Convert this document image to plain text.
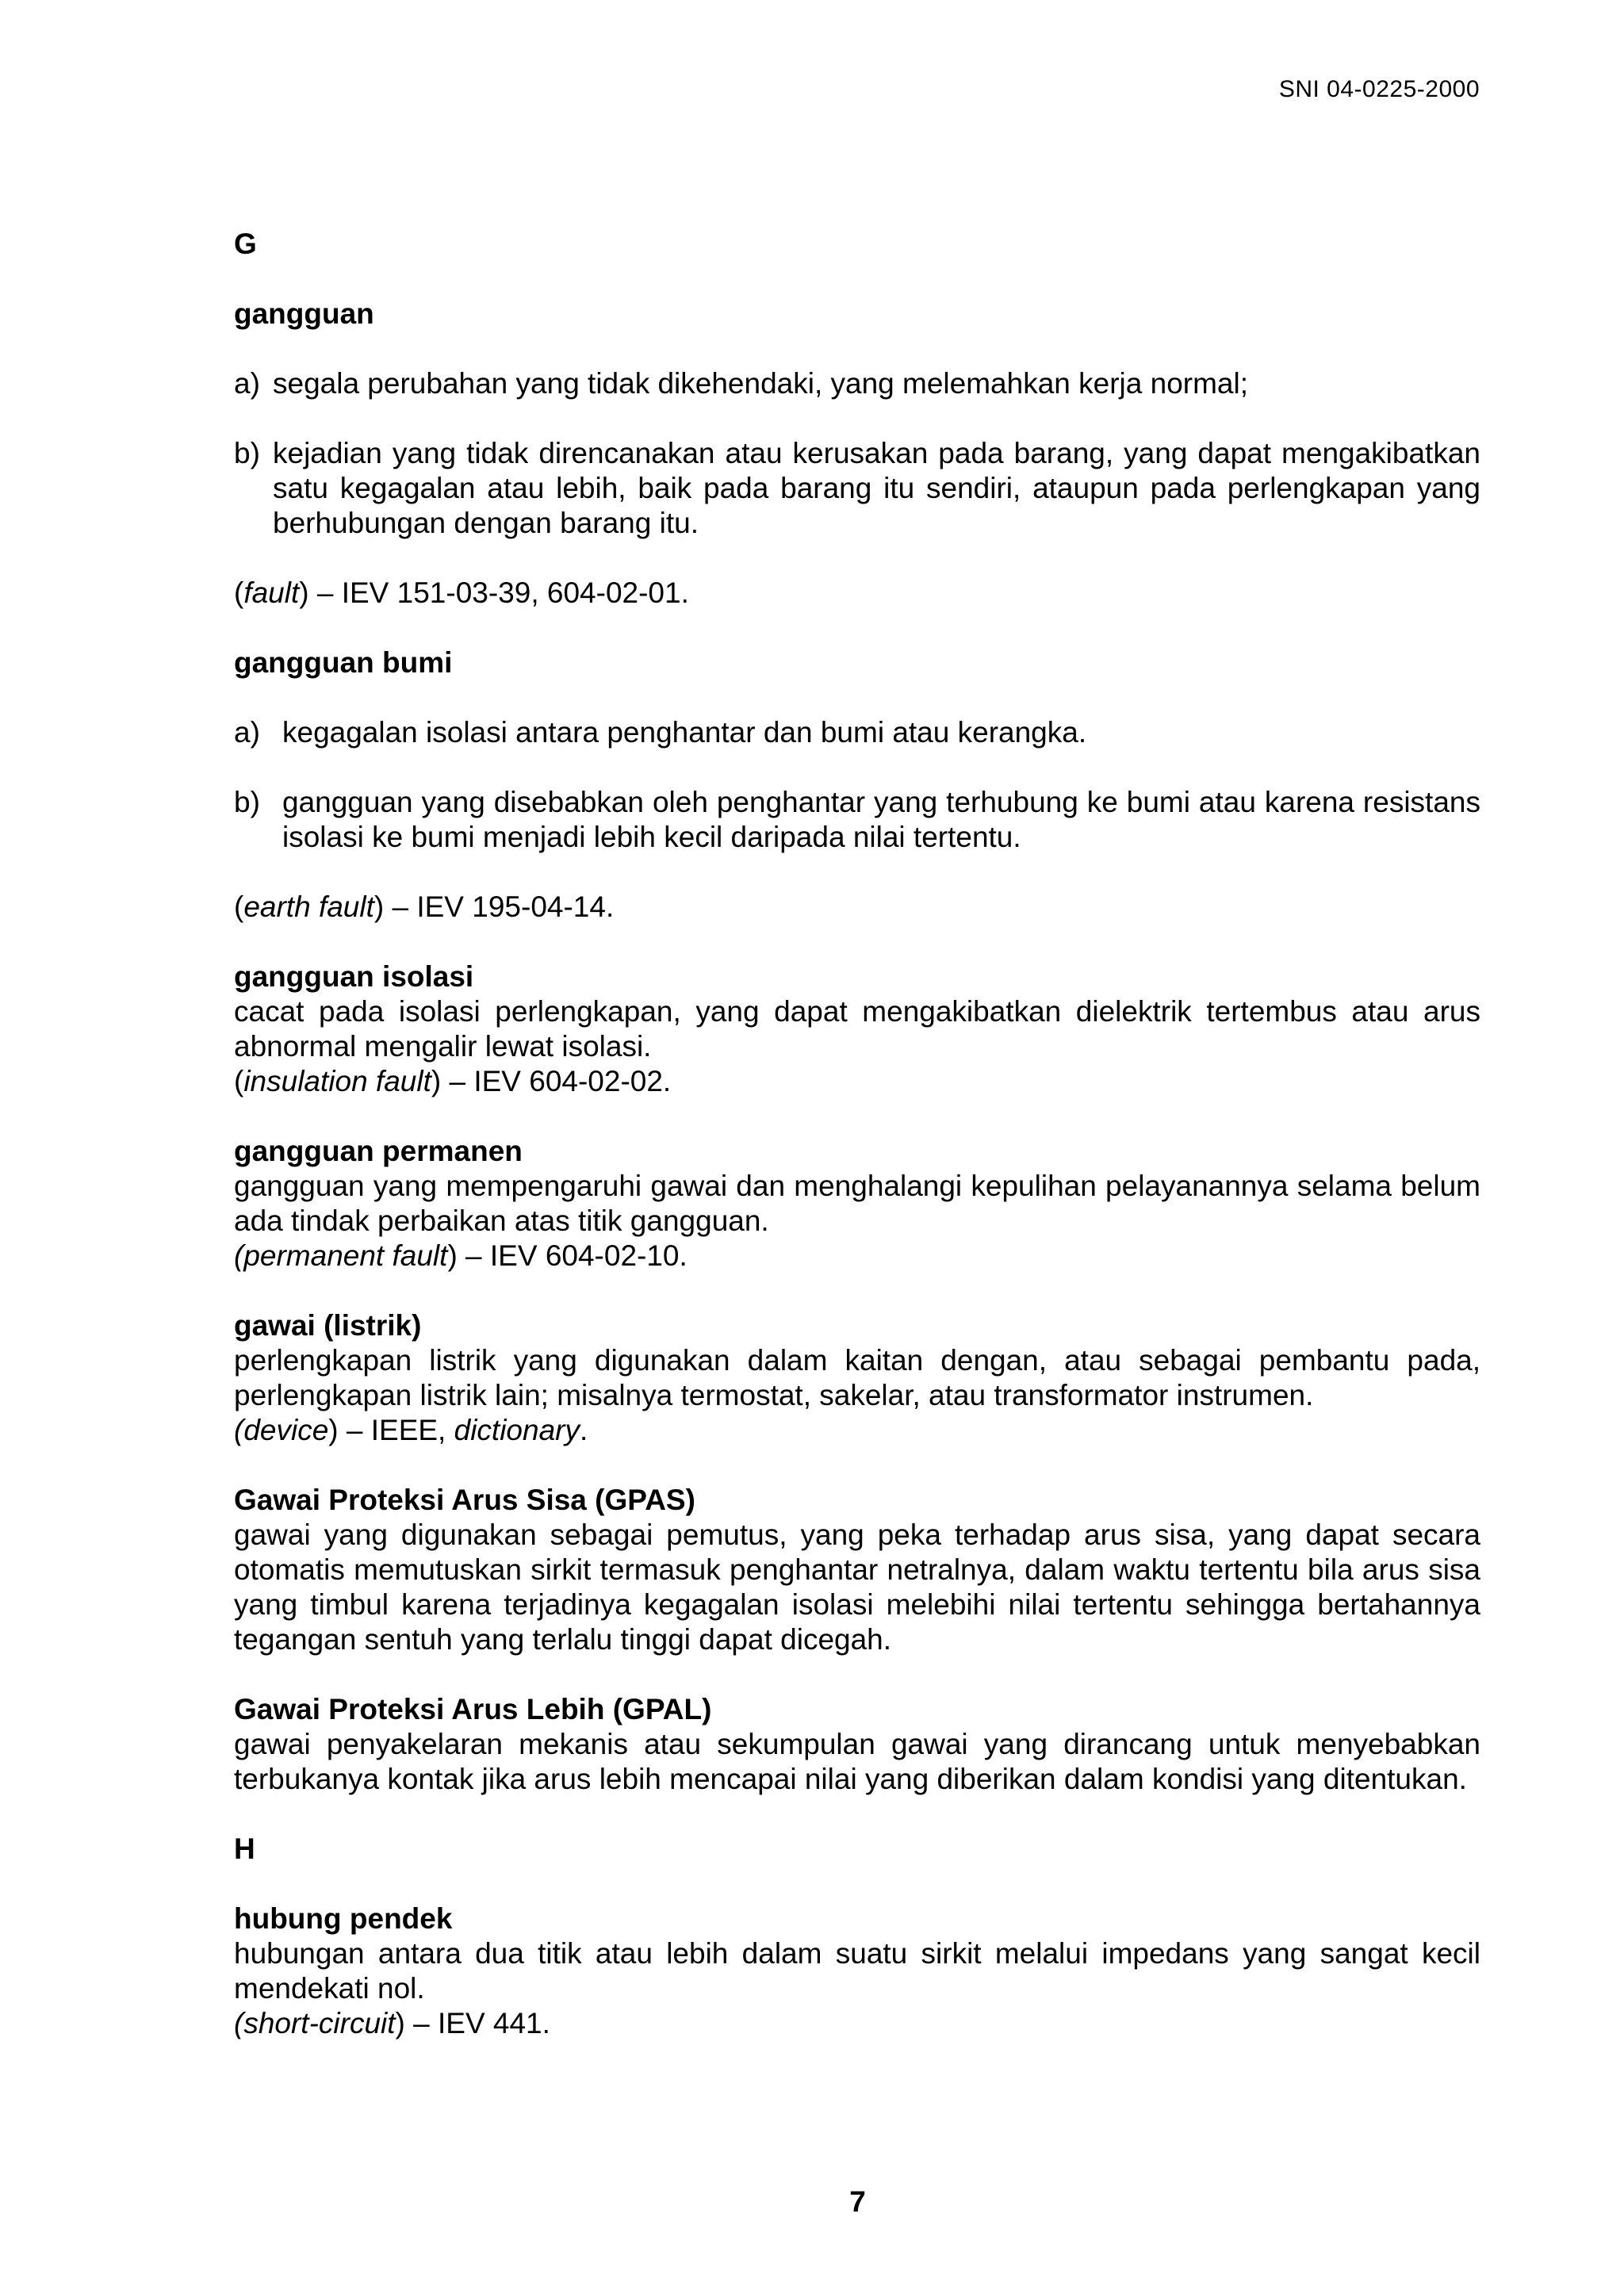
SNI 04-0225-2000

G

gangguan

a) segala perubahan yang tidak dikehendaki, yang melemahkan kerja normal;
b) kejadian yang tidak direncanakan atau kerusakan pada barang, yang dapat mengakibatkan satu kegagalan atau lebih, baik pada barang itu sendiri, ataupun pada perlengkapan yang berhubungan dengan barang itu.

(fault) – IEV 151-03-39, 604-02-01.

gangguan bumi

a) kegagalan isolasi antara penghantar dan bumi atau kerangka.
b) gangguan yang disebabkan oleh penghantar yang terhubung ke bumi atau karena resistans isolasi ke bumi menjadi lebih kecil daripada nilai tertentu.

(earth fault) – IEV 195-04-14.

gangguan isolasi

cacat pada isolasi perlengkapan, yang dapat mengakibatkan dielektrik tertembus atau arus abnormal mengalir lewat isolasi.

(insulation fault) – IEV 604-02-02.

gangguan permanen

gangguan yang mempengaruhi gawai dan menghalangi kepulihan pelayanannya selama belum ada tindak perbaikan atas titik gangguan.

(permanent fault) – IEV 604-02-10.

gawai (listrik)

perlengkapan listrik yang digunakan dalam kaitan dengan, atau sebagai pembantu pada, perlengkapan listrik lain; misalnya termostat, sakelar, atau transformator instrumen.

(device) – IEEE, dictionary.

Gawai Proteksi Arus Sisa (GPAS)

gawai yang digunakan sebagai pemutus, yang peka terhadap arus sisa, yang dapat secara otomatis memutuskan sirkit termasuk penghantar netralnya, dalam waktu tertentu bila arus sisa yang timbul karena terjadinya kegagalan isolasi melebihi nilai tertentu sehingga bertahannya tegangan sentuh yang terlalu tinggi dapat dicegah.

Gawai Proteksi Arus Lebih (GPAL)

gawai penyakelaran mekanis atau sekumpulan gawai yang dirancang untuk menyebabkan terbukanya kontak jika arus lebih mencapai nilai yang diberikan dalam kondisi yang ditentukan.

H

hubung pendek

hubungan antara dua titik atau lebih dalam suatu sirkit melalui impedans yang sangat kecil mendekati nol.

(short-circuit) – IEV 441.

7
